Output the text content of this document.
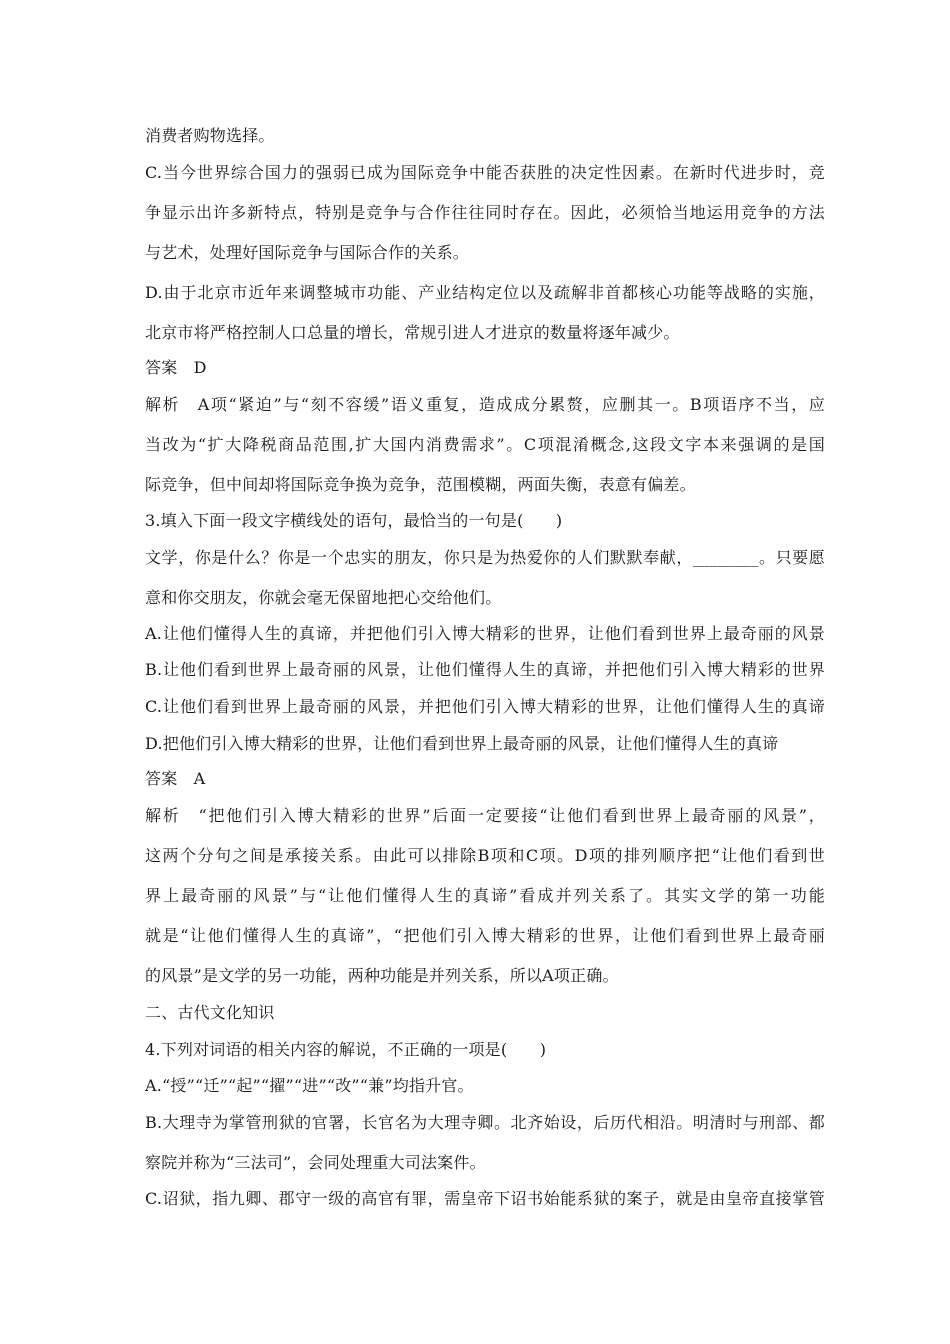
消费者购物选择。
C.当今世界综合国力的强弱已成为国际竞争中能否获胜的决定性因素。在新时代进步时，竞
争显示出许多新特点，特别是竞争与合作往往同时存在。因此，必须恰当地运用竞争的方法
与艺术，处理好国际竞争与国际合作的关系。
D.由于北京市近年来调整城市功能、产业结构定位以及疏解非首都核心功能等战略的实施，
北京市将严格控制人口总量的增长，常规引进人才进京的数量将逐年减少。
答案　D
解析　A项“紧迫”与“刻不容缓”语义重复，造成成分累赘，应删其一。B项语序不当，应
当改为“扩大降税商品范围,扩大国内消费需求”。C项混淆概念,这段文字本来强调的是国
际竞争，但中间却将国际竞争换为竞争，范围模糊，两面失衡，表意有偏差。
3.填入下面一段文字横线处的语句，最恰当的一句是(　　)
文学，你是什么？你是一个忠实的朋友，你只是为热爱你的人们默默奉献，________。只要愿
意和你交朋友，你就会毫无保留地把心交给他们。
A.让他们懂得人生的真谛，并把他们引入博大精彩的世界，让他们看到世界上最奇丽的风景
B.让他们看到世界上最奇丽的风景，让他们懂得人生的真谛，并把他们引入博大精彩的世界
C.让他们看到世界上最奇丽的风景，并把他们引入博大精彩的世界，让他们懂得人生的真谛
D.把他们引入博大精彩的世界，让他们看到世界上最奇丽的风景，让他们懂得人生的真谛
答案　A
解析　“把他们引入博大精彩的世界”后面一定要接“让他们看到世界上最奇丽的风景”，
这两个分句之间是承接关系。由此可以排除B项和C项。D项的排列顺序把“让他们看到世
界上最奇丽的风景”与“让他们懂得人生的真谛”看成并列关系了。其实文学的第一功能
就是“让他们懂得人生的真谛”，“把他们引入博大精彩的世界，让他们看到世界上最奇丽
的风景”是文学的另一功能，两种功能是并列关系，所以A项正确。
二、古代文化知识
4.下列对词语的相关内容的解说，不正确的一项是(　　)
A.“授”“迁”“起”“擢”“进”“改”“兼”均指升官。
B.大理寺为掌管刑狱的官署，长官名为大理寺卿。北齐始设，后历代相沿。明清时与刑部、都
察院并称为“三法司”，会同处理重大司法案件。
C.诏狱，指九卿、郡守一级的高官有罪，需皇帝下诏书始能系狱的案子，就是由皇帝直接掌管
